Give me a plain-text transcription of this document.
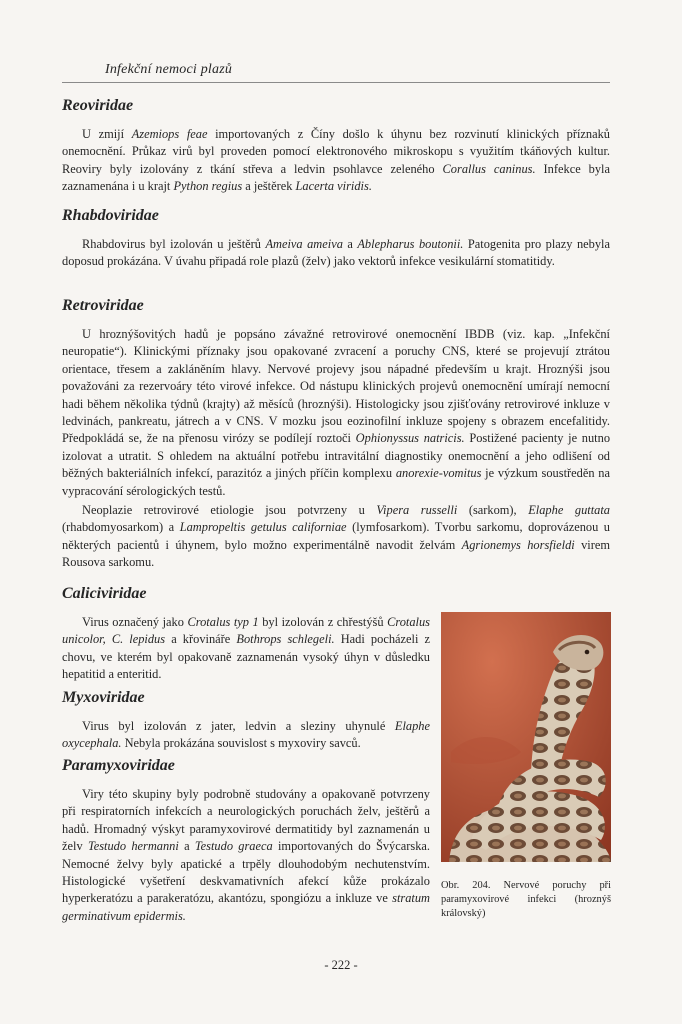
Infekční nemoci plazů
Reoviridae

U zmijí Azemiops feae importovaných z Číny došlo k úhynu bez rozvinutí klinických příznaků onemocnění. Průkaz virů byl proveden pomocí elektronového mikroskopu s využitím tkáňových kultur. Reoviry byly izolovány z tkání střeva a ledvin psohlavce zeleného Corallus caninus. Infekce byla zaznamenána i u krajt Python regius a ještěrek Lacerta viridis.

Rhabdoviridae

Rhabdovirus byl izolován u ještěrů Ameiva ameiva a Ablepharus boutonii. Patogenita pro plazy nebyla doposud prokázána. V úvahu připadá role plazů (želv) jako vektorů infekce vesikulární stomatitidy.

Retroviridae

U hroznýšovitých hadů je popsáno závažné retrovirové onemocnění IBDB (viz. kap. „Infekční neuropatie“). Klinickými příznaky jsou opakované zvracení a poruchy CNS, které se projevují ztrátou orientace, třesem a zakláněním hlavy. Nervové projevy jsou nápadné především u krajt. Hroznýši jsou považováni za rezervoáry této virové infekce. Od nástupu klinických projevů onemocnění umírají nemocní hadi během několika týdnů (krajty) až měsíců (hroznýši). Histologicky jsou zjišťovány retrovirové inkluze v ledvinách, pankreatu, játrech a v CNS. V mozku jsou eozinofilní inkluze spojeny s obrazem encefalitidy. Předpokládá se, že na přenosu virózy se podílejí roztoči Ophionyssus natricis. Postižené pacienty je nutno izolovat a utratit. S ohledem na aktuální potřebu intravitální diagnostiky onemocnění a jeho odlišení od běžných bakteriálních infekcí, parazitóz a jiných příčin komplexu anorexie-vomitus je výzkum soustředěn na vypracování sérologických testů.

Neoplazie retrovirové etiologie jsou potvrzeny u Vipera russelli (sarkom), Elaphe guttata (rhabdomyosarkom) a Lampropeltis getulus californiae (lymfosarkom). Tvorbu sarkomu, doprovázenou u některých pacientů i úhynem, bylo možno experimentálně navodit želvám Agrionemys horsfieldi virem Rousova sarkomu.

Caliciviridae

Virus označený jako Crotalus typ 1 byl izolován z chřestýšů Crotalus unicolor, C. lepidus a křovináře Bothrops schlegeli. Hadi pocházeli z chovu, ve kterém byl opakovaně zaznamenán vysoký úhyn v důsledku hepatitid a enteritid.

Myxoviridae

Virus byl izolován z jater, ledvin a sleziny uhynulé Elaphe oxycephala. Nebyla prokázána souvislost s myxoviry savců.

Paramyxoviridae

Viry této skupiny byly podrobně studovány a opakovaně potvrzeny při respiratorních infekcích a neurologických poruchách želv, ještěrů a hadů. Hromadný výskyt paramyxovirové dermatitidy byl zaznamenán u želv Testudo hermanni a Testudo graeca importovaných do Švýcarska. Nemocné želvy byly apatické a trpěly dlouhodobým nechutenstvím. Histologické vyšetření deskvamativních afekcí kůže prokázalo hyperkeratózu a parakeratózu, akantózu, spongiózu a inkluze ve stratum germinativum epidermis.

Obr. 204. Nervové poruchy při paramyxovirové infekci (hroznýš královský)

- 222 -
